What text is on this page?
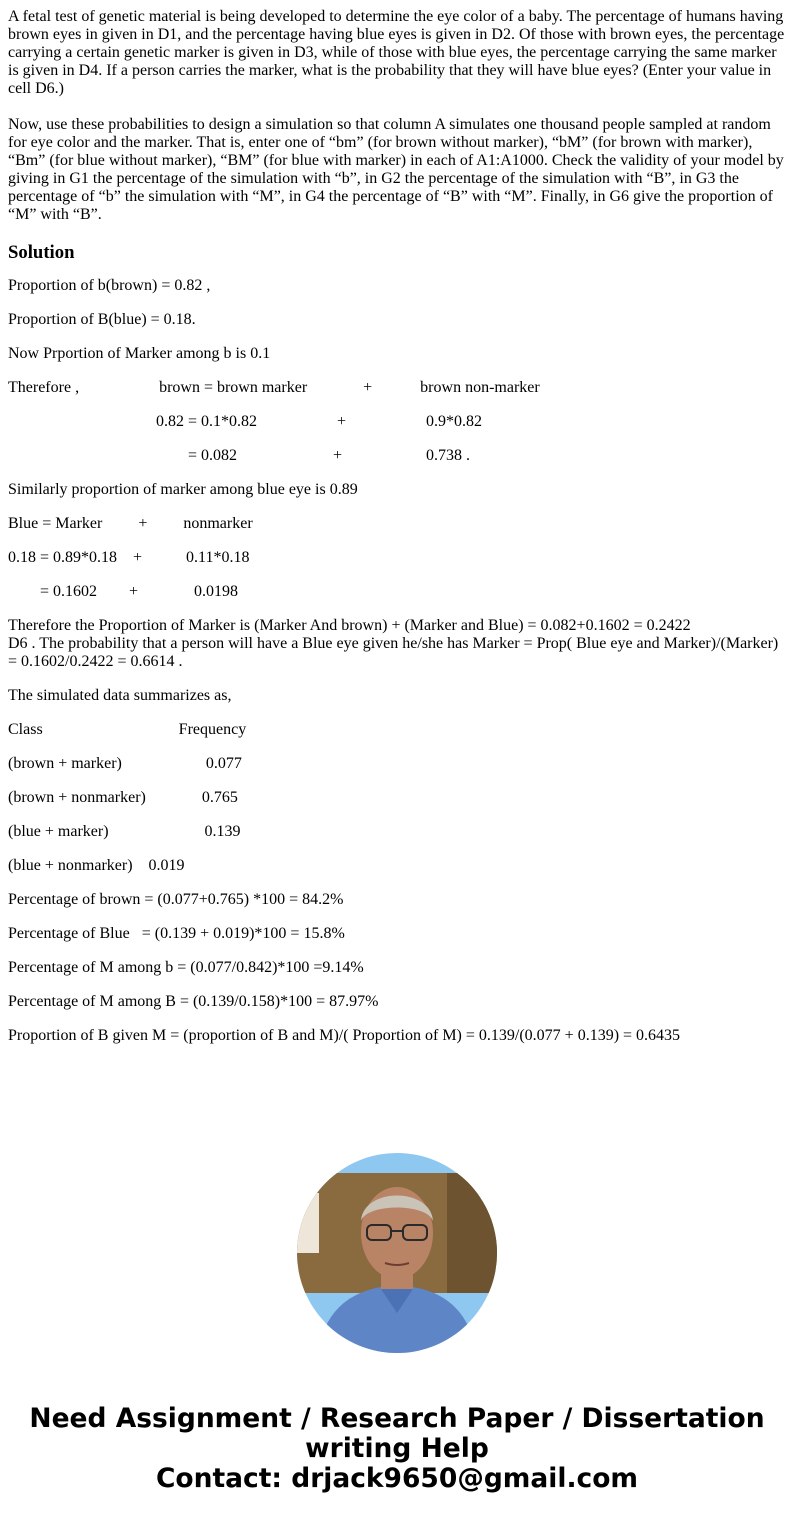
A fetal test of genetic material is being developed to determine the eye color of a baby. The percentage of humans having brown eyes in given in D1, and the percentage having blue eyes is given in D2. Of those with brown eyes, the percentage carrying a certain genetic marker is given in D3, while of those with blue eyes, the percentage carrying the same marker is given in D4. If a person carries the marker, what is the probability that they will have blue eyes? (Enter your value in cell D6.)

Now, use these probabilities to design a simulation so that column A simulates one thousand people sampled at random for eye color and the marker. That is, enter one of “bm” (for brown without marker), “bM” (for brown with marker), “Bm” (for blue without marker), “BM” (for blue with marker) in each of A1:A1000. Check the validity of your model by giving in G1 the percentage of the simulation with “b”, in G2 the percentage of the simulation with “B”, in G3 the percentage of “b” the simulation with “M”, in G4 the percentage of “B” with “M”. Finally, in G6 give the proportion of “M” with “B”.

Solution

Proportion of b(brown) = 0.82 ,

Proportion of B(blue) = 0.18.

Now Prportion of Marker among b is 0.1

Therefore ,                    brown = brown marker              +            brown non-marker

0.82 = 0.1*0.82                    +                    0.9*0.82

= 0.082                        +                     0.738 .

Similarly proportion of marker among blue eye is 0.89

Blue = Marker         +         nonmarker

0.18 = 0.89*0.18    +           0.11*0.18

= 0.1602        +              0.0198

Therefore the Proportion of Marker is (Marker And brown) + (Marker and Blue) = 0.082+0.1602 = 0.2422

D6 . The probability that a person will have a Blue eye given he/she has Marker = Prop( Blue eye and Marker)/(Marker) = 0.1602/0.2422 = 0.6614 .

The simulated data summarizes as,

Class                                  Frequency

(brown + marker)                     0.077

(brown + nonmarker)              0.765

(blue + marker)                        0.139

(blue + nonmarker)    0.019

Percentage of brown = (0.077+0.765) *100 = 84.2%

Percentage of Blue   = (0.139 + 0.019)*100 = 15.8%

Percentage of M among b = (0.077/0.842)*100 =9.14%

Percentage of M among B = (0.139/0.158)*100 = 87.97%

Proportion of B given M = (proportion of B and M)/( Proportion of M) = 0.139/(0.077 + 0.139) = 0.6435

Need Assignment / Research Paper / Dissertation
writing Help
Contact: drjack9650@gmail.com
